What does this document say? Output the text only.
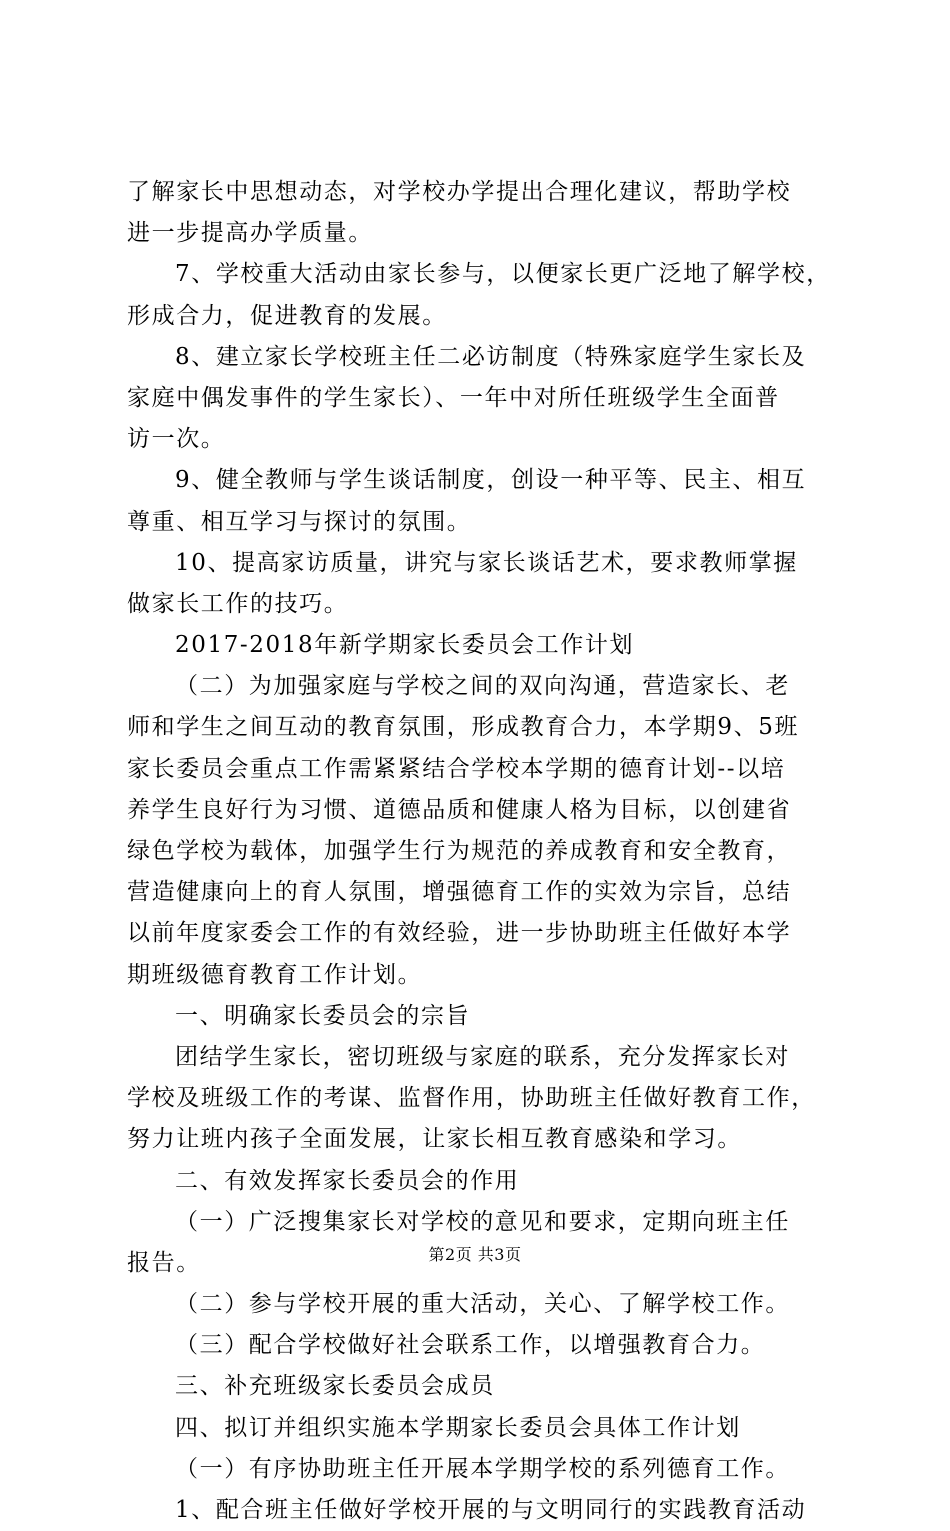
了解家长中思想动态，对学校办学提出合理化建议，帮助学校
进一步提高办学质量。
7、学校重大活动由家长参与，以便家长更广泛地了解学校，
形成合力，促进教育的发展。
8、建立家长学校班主任二必访制度（特殊家庭学生家长及
家庭中偶发事件的学生家长）、一年中对所任班级学生全面普
访一次。
9、健全教师与学生谈话制度，创设一种平等、民主、相互
尊重、相互学习与探讨的氛围。
10、提高家访质量，讲究与家长谈话艺术，要求教师掌握
做家长工作的技巧。
2017-2018年新学期家长委员会工作计划
（二）为加强家庭与学校之间的双向沟通，营造家长、老
师和学生之间互动的教育氛围，形成教育合力，本学期9、5班
家长委员会重点工作需紧紧结合学校本学期的德育计划--以培
养学生良好行为习惯、道德品质和健康人格为目标，以创建省
绿色学校为载体，加强学生行为规范的养成教育和安全教育，
营造健康向上的育人氛围，增强德育工作的实效为宗旨，总结
以前年度家委会工作的有效经验，进一步协助班主任做好本学
期班级德育教育工作计划。
一、明确家长委员会的宗旨
团结学生家长，密切班级与家庭的联系，充分发挥家长对
学校及班级工作的考谋、监督作用，协助班主任做好教育工作，
努力让班内孩子全面发展，让家长相互教育感染和学习。
二、有效发挥家长委员会的作用
（一）广泛搜集家长对学校的意见和要求，定期向班主任
报告。
（二）参与学校开展的重大活动，关心、了解学校工作。
（三）配合学校做好社会联系工作，以增强教育合力。
三、补充班级家长委员会成员
四、拟订并组织实施本学期家长委员会具体工作计划
（一）有序协助班主任开展本学期学校的系列德育工作。
1、配合班主任做好学校开展的与文明同行的实践教育活动
第2页 共3页
